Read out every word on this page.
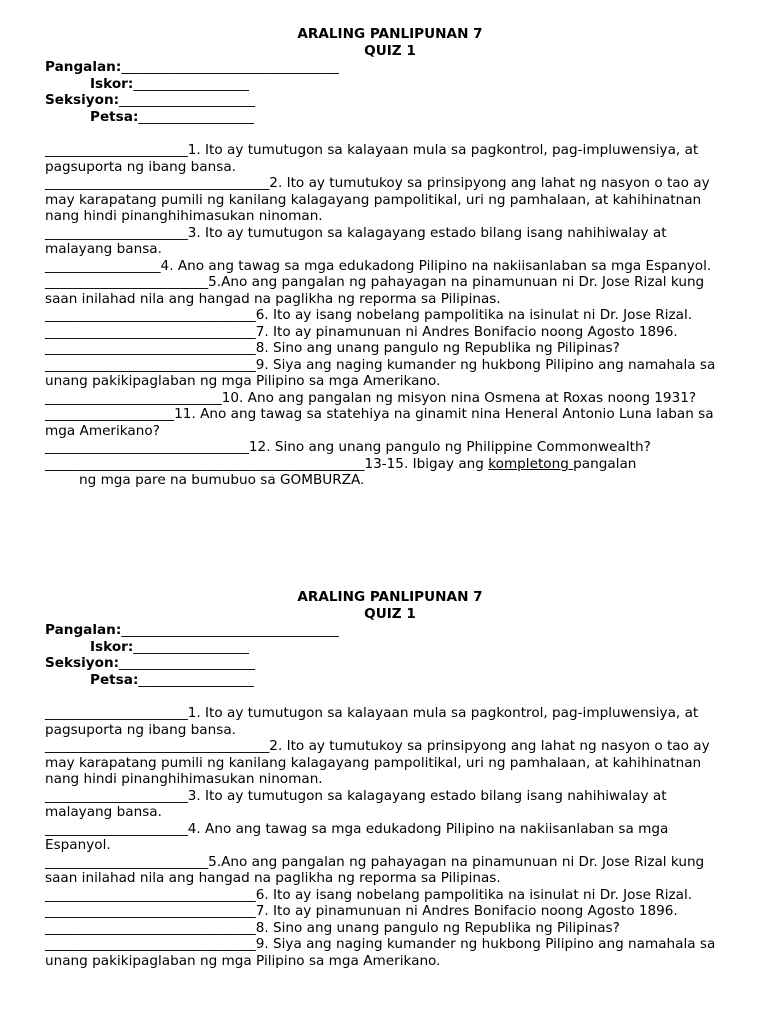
ARALING PANLIPUNAN 7
QUIZ 1
Pangalan:________________________________
Iskor:_________________
Seksiyon:____________________
Petsa:_________________
_____________________1. Ito ay tumutugon sa kalayaan mula sa pagkontrol, pag-impluwensiya, at pagsuporta ng ibang bansa.
_________________________________2. Ito ay tumutukoy sa prinsipyong ang lahat ng nasyon o tao ay may karapatang pumili ng kanilang kalagayang pampolitikal, uri ng pamhalaan, at kahihinatnan nang hindi pinanghihimasukan ninoman.
_____________________3. Ito ay tumutugon sa kalagayang estado bilang isang nahihiwalay at malayang bansa.
_________________4. Ano ang tawag sa mga edukadong Pilipino na nakiisanlaban sa mga Espanyol.
________________________5.Ano ang pangalan ng pahayagan na pinamunuan ni Dr. Jose Rizal kung saan inilahad nila ang hangad na paglikha ng reporma sa Pilipinas.
_______________________________6. Ito ay isang nobelang pampolitika na isinulat ni Dr. Jose Rizal.
_______________________________7. Ito ay pinamunuan ni Andres Bonifacio noong Agosto 1896.
_______________________________8. Sino ang unang pangulo ng Republika ng Pilipinas?
_______________________________9. Siya ang naging kumander ng hukbong Pilipino ang namahala sa unang pakikipaglaban ng mga Pilipino sa mga Amerikano.
__________________________10. Ano ang pangalan ng misyon nina Osmena at Roxas noong 1931?
___________________11. Ano ang tawag sa statehiya na ginamit nina Heneral Antonio Luna laban sa mga Amerikano?
______________________________12. Sino ang unang pangulo ng Philippine Commonwealth?
_______________________________________________13-15. Ibigay ang kompletong pangalan
ng mga pare na bumubuo sa GOMBURZA.
ARALING PANLIPUNAN 7
QUIZ 1
Pangalan:________________________________
Iskor:_________________
Seksiyon:____________________
Petsa:_________________
_____________________1. Ito ay tumutugon sa kalayaan mula sa pagkontrol, pag-impluwensiya, at pagsuporta ng ibang bansa.
_________________________________2. Ito ay tumutukoy sa prinsipyong ang lahat ng nasyon o tao ay may karapatang pumili ng kanilang kalagayang pampolitikal, uri ng pamhalaan, at kahihinatnan nang hindi pinanghihimasukan ninoman.
_____________________3. Ito ay tumutugon sa kalagayang estado bilang isang nahihiwalay at malayang bansa.
_____________________4. Ano ang tawag sa mga edukadong Pilipino na nakiisanlaban sa mga Espanyol.
________________________5.Ano ang pangalan ng pahayagan na pinamunuan ni Dr. Jose Rizal kung saan inilahad nila ang hangad na paglikha ng reporma sa Pilipinas.
_______________________________6. Ito ay isang nobelang pampolitika na isinulat ni Dr. Jose Rizal.
_______________________________7. Ito ay pinamunuan ni Andres Bonifacio noong Agosto 1896.
_______________________________8. Sino ang unang pangulo ng Republika ng Pilipinas?
_______________________________9. Siya ang naging kumander ng hukbong Pilipino ang namahala sa unang pakikipaglaban ng mga Pilipino sa mga Amerikano.
